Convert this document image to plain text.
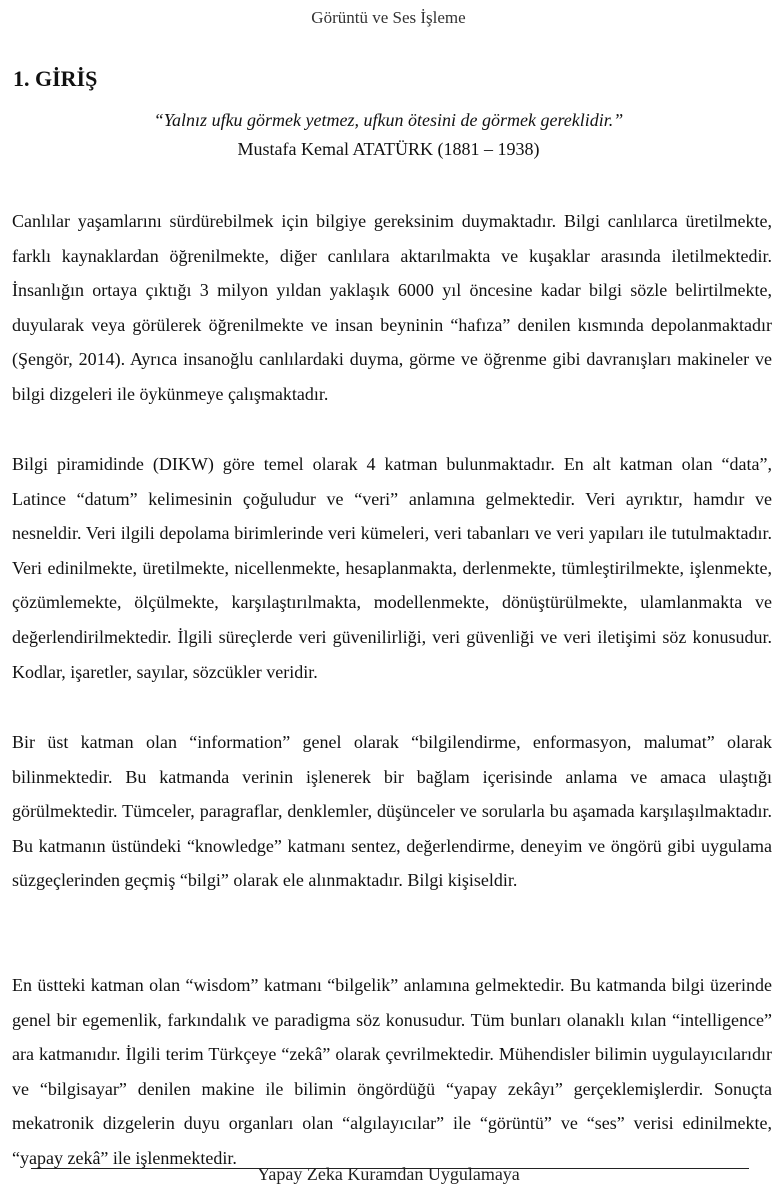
Görüntü ve Ses İşleme
1. GİRİŞ
“Yalnız ufku görmek yetmez, ufkun ötesini de görmek gereklidir.”
Mustafa Kemal ATATÜRK (1881 – 1938)

Canlılar yaşamlarını sürdürebilmek için bilgiye gereksinim duymaktadır. Bilgi canlılarca üretilmekte, farklı kaynaklardan öğrenilmekte, diğer canlılara aktarılmakta ve kuşaklar arasında iletilmektedir. İnsanlığın ortaya çıktığı 3 milyon yıldan yaklaşık 6000 yıl öncesine kadar bilgi sözle belirtilmekte, duyularak veya görülerek öğrenilmekte ve insan beyninin “hafıza” denilen kısmında depolanmaktadır (Şengör, 2014). Ayrıca insanoğlu canlılardaki duyma, görme ve öğrenme gibi davranışları makineler ve bilgi dizgeleri ile öykünmeye çalışmaktadır.

Bilgi piramidinde (DIKW) göre temel olarak 4 katman bulunmaktadır. En alt katman olan “data”, Latince “datum” kelimesinin çoğuludur ve “veri” anlamına gelmektedir. Veri ayrıktır, hamdır ve nesneldir. Veri ilgili depolama birimlerinde veri kümeleri, veri tabanları ve veri yapıları ile tutulmaktadır. Veri edinilmekte, üretilmekte, nicellenmekte, hesaplanmakta, derlenmekte, tümleştirilmekte, işlenmekte, çözümlemekte, ölçülmekte, karşılaştırılmakta, modellenmekte, dönüştürülmekte, ulamlanmakta ve değerlendirilmektedir. İlgili süreçlerde veri güvenilirliği, veri güvenliği ve veri iletişimi söz konusudur. Kodlar, işaretler, sayılar, sözcükler veridir.

Bir üst katman olan “information” genel olarak “bilgilendirme, enformasyon, malumat” olarak bilinmektedir. Bu katmanda verinin işlenerek bir bağlam içerisinde anlama ve amaca ulaştığı görülmektedir. Tümceler, paragraflar, denklemler, düşünceler ve sorularla bu aşamada karşılaşılmaktadır. Bu katmanın üstündeki “knowledge” katmanı sentez, değerlendirme, deneyim ve öngörü gibi uygulama süzgeçlerinden geçmiş “bilgi” olarak ele alınmaktadır. Bilgi kişiseldir.

En üstteki katman olan “wisdom” katmanı “bilgelik” anlamına gelmektedir. Bu katmanda bilgi üzerinde genel bir egemenlik, farkındalık ve paradigma söz konusudur. Tüm bunları olanaklı kılan “intelligence” ara katmanıdır. İlgili terim Türkçeye “zekâ” olarak çevrilmektedir. Mühendisler bilimin uygulayıcılarıdır ve “bilgisayar” denilen makine ile bilimin öngördüğü “yapay zekâyı” gerçeklemişlerdir. Sonuçta mekatronik dizgelerin duyu organları olan “algılayıcılar” ile “görüntü” ve “ses” verisi edinilmekte, “yapay zekâ” ile işlenmektedir.

Yapay Zeka Kuramdan Uygulamaya
